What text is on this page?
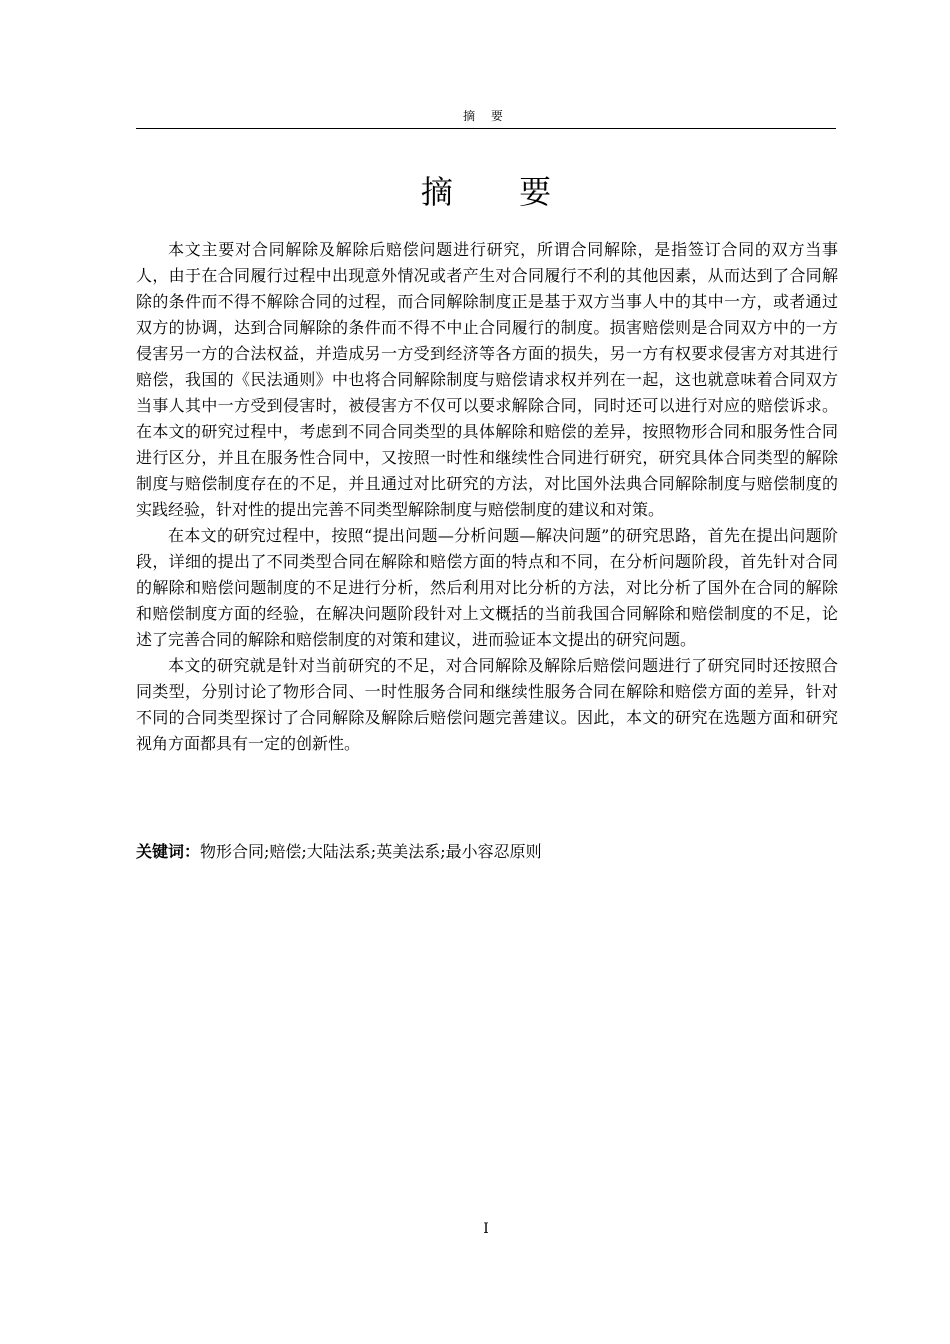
摘 要
摘 要

本文主要对合同解除及解除后赔偿问题进行研究，所谓合同解除，是指签订合同的双方当事人，由于在合同履行过程中出现意外情况或者产生对合同履行不利的其他因素，从而达到了合同解除的条件而不得不解除合同的过程，而合同解除制度正是基于双方当事人中的其中一方，或者通过双方的协调，达到合同解除的条件而不得不中止合同履行的制度。损害赔偿则是合同双方中的一方侵害另一方的合法权益，并造成另一方受到经济等各方面的损失，另一方有权要求侵害方对其进行赔偿，我国的《民法通则》中也将合同解除制度与赔偿请求权并列在一起，这也就意味着合同双方当事人其中一方受到侵害时，被侵害方不仅可以要求解除合同，同时还可以进行对应的赔偿诉求。在本文的研究过程中，考虑到不同合同类型的具体解除和赔偿的差异，按照物形合同和服务性合同进行区分，并且在服务性合同中，又按照一时性和继续性合同进行研究，研究具体合同类型的解除制度与赔偿制度存在的不足，并且通过对比研究的方法，对比国外法典合同解除制度与赔偿制度的实践经验，针对性的提出完善不同类型解除制度与赔偿制度的建议和对策。

在本文的研究过程中，按照“提出问题—分析问题—解决问题”的研究思路，首先在提出问题阶段，详细的提出了不同类型合同在解除和赔偿方面的特点和不同，在分析问题阶段，首先针对合同的解除和赔偿问题制度的不足进行分析，然后利用对比分析的方法，对比分析了国外在合同的解除和赔偿制度方面的经验，在解决问题阶段针对上文概括的当前我国合同解除和赔偿制度的不足，论述了完善合同的解除和赔偿制度的对策和建议，进而验证本文提出的研究问题。

本文的研究就是针对当前研究的不足，对合同解除及解除后赔偿问题进行了研究同时还按照合同类型，分别讨论了物形合同、一时性服务合同和继续性服务合同在解除和赔偿方面的差异，针对不同的合同类型探讨了合同解除及解除后赔偿问题完善建议。因此，本文的研究在选题方面和研究视角方面都具有一定的创新性。

关键词：物形合同;赔偿;大陆法系;英美法系;最小容忍原则
I
